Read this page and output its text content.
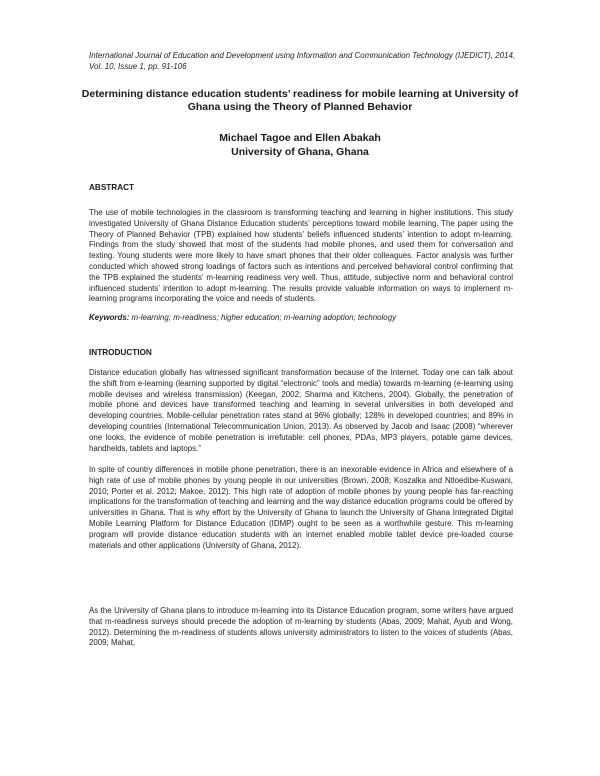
International Journal of Education and Development using Information and Communication Technology (IJEDICT), 2014, Vol. 10, Issue 1, pp. 91-106
Determining distance education students’ readiness for mobile learning at University of Ghana using the Theory of Planned Behavior
Michael Tagoe and Ellen Abakah
University of Ghana, Ghana
ABSTRACT
The use of mobile technologies in the classroom is transforming teaching and learning in higher institutions. This study investigated University of Ghana Distance Education students’ perceptions toward mobile learning. The paper using the Theory of Planned Behavior (TPB) explained how students’ beliefs influenced students’ intention to adopt m-learning. Findings from the study showed that most of the students had mobile phones, and used them for conversation and texting. Young students were more likely to have smart phones that their older colleagues. Factor analysis was further conducted which showed strong loadings of factors such as intentions and perceived behavioral control confirming that the TPB explained the students’ m-learning readiness very well. Thus, attitude, subjective norm and behavioral control influenced students’ intention to adopt m-learning. The results provide valuable information on ways to implement m-learning programs incorporating the voice and needs of students.
Keywords: m-learning; m-readiness; higher education; m-learning adoption; technology
INTRODUCTION
Distance education globally has witnessed significant transformation because of the Internet. Today one can talk about the shift from e-learning (learning supported by digital “electronic” tools and media) towards m-learning (e-learning using mobile devises and wireless transmission) (Keegan, 2002; Sharma and Kitchens, 2004). Globally, the penetration of mobile phone and devices have transformed teaching and learning in several universities in both developed and developing countries. Mobile-cellular penetration rates stand at 96% globally; 128% in developed countries; and 89% in developing countries (International Telecommunication Union, 2013). As observed by Jacob and Isaac (2008) “wherever one looks, the evidence of mobile penetration is irrefutable: cell phones, PDAs, MP3 players, potable game devices, handhelds, tablets and laptops.”
In spite of country differences in mobile phone penetration, there is an inexorable evidence in Africa and elsewhere of a high rate of use of mobile phones by young people in our universities (Brown, 2008; Koszalka and Ntloedibe-Kuswani, 2010; Porter et al. 2012; Makoe, 2012). This high rate of adoption of mobile phones by young people has far-reaching implications for the transformation of teaching and learning and the way distance education programs could be offered by universities in Ghana. That is why effort by the University of Ghana to launch the University of Ghana Integrated Digital Mobile Learning Platform for Distance Education (IDMP) ought to be seen as a worthwhile gesture. This m-learning program will provide distance education students with an internet enabled mobile tablet device pre-loaded course materials and other applications (University of Ghana, 2012).
As the University of Ghana plans to introduce m-learning into its Distance Education program, some writers have argued that m-readiness surveys should precede the adoption of m-learning by students (Abas, 2009; Mahat, Ayub and Wong, 2012). Determining the m-readiness of students allows university administrators to listen to the voices of students (Abas, 2009; Mahat,
